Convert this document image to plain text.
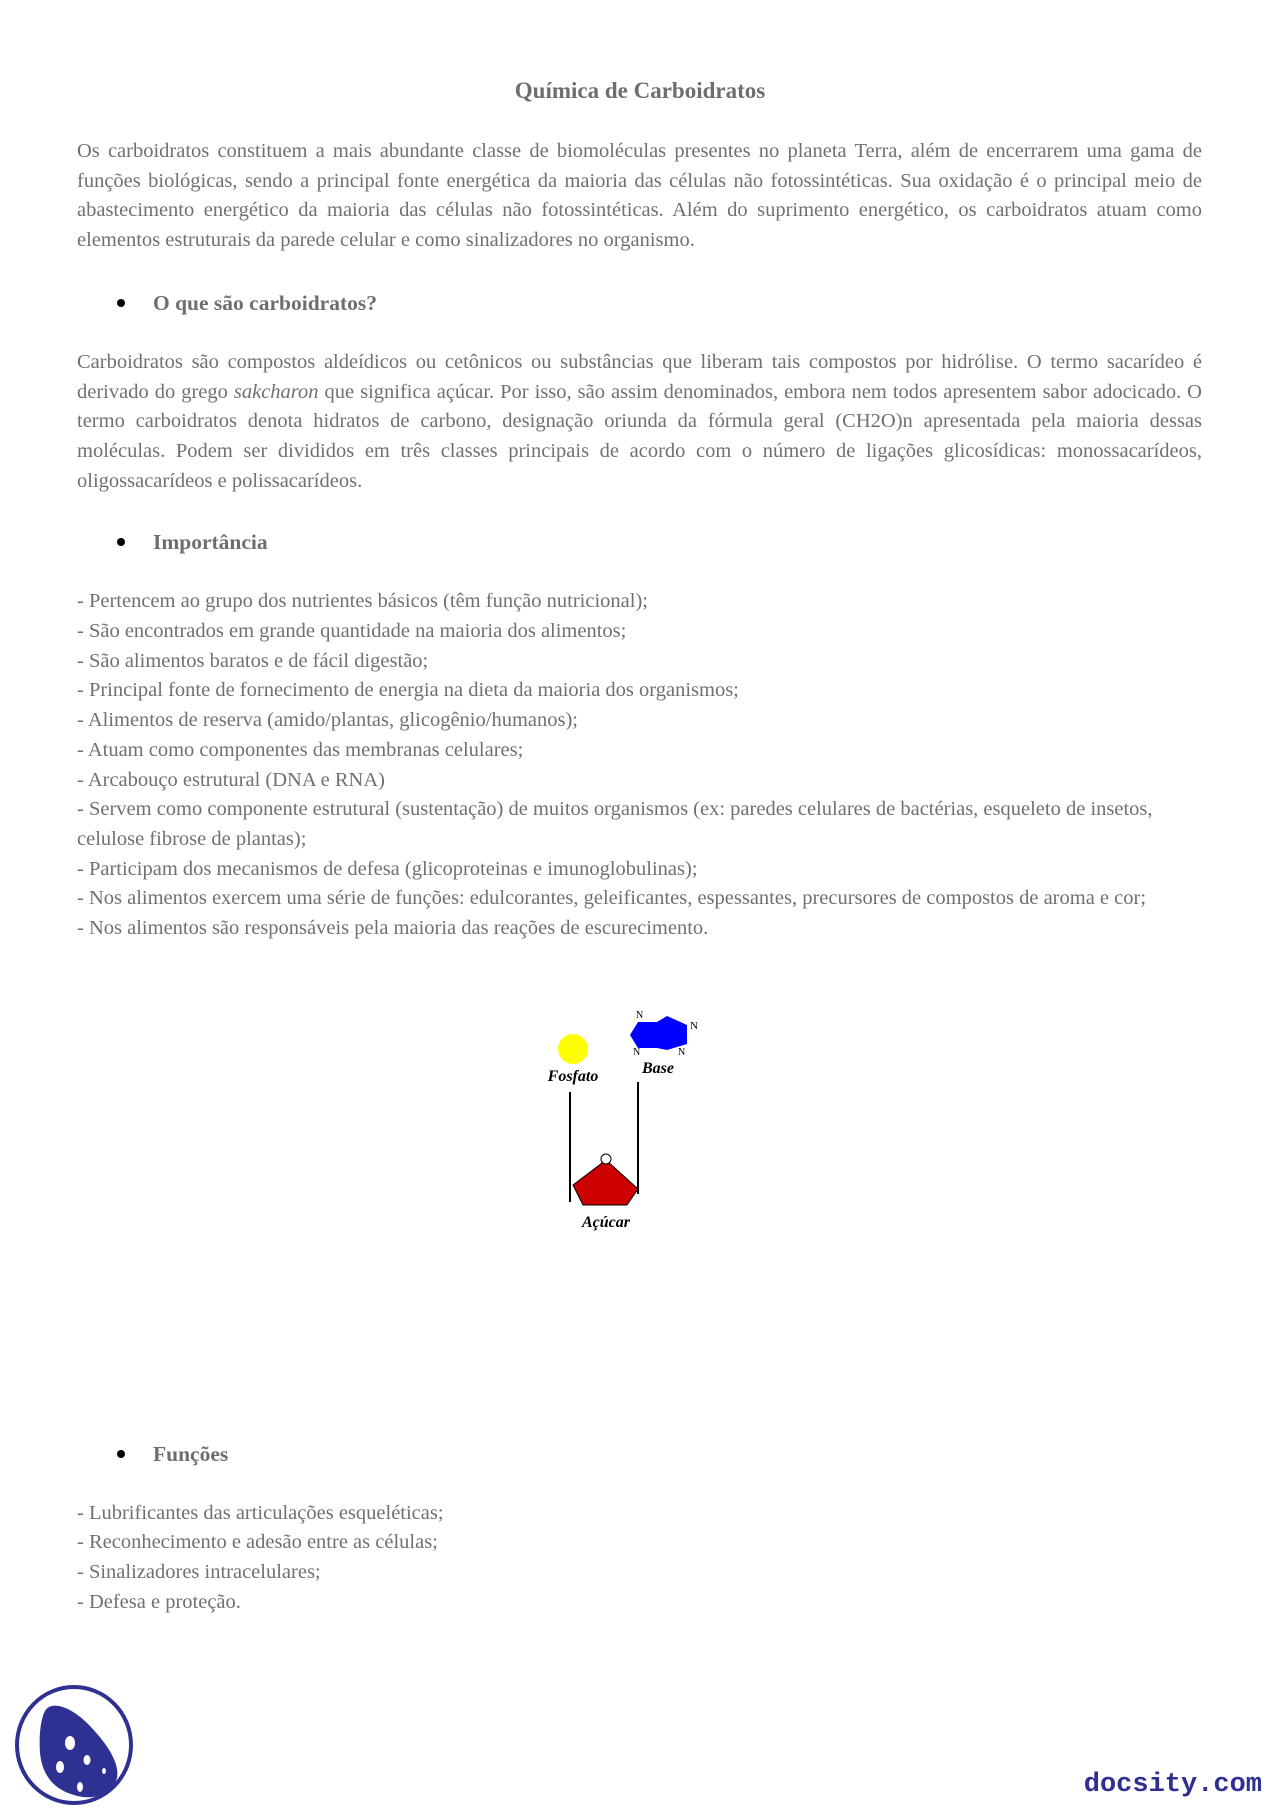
Química de Carboidratos
Os carboidratos constituem a mais abundante classe de biomoléculas presentes no planeta Terra, além de encerrarem uma gama de funções biológicas, sendo a principal fonte energética da maioria das células não fotossintéticas. Sua oxidação é o principal meio de abastecimento energético da maioria das células não fotossintéticas. Além do suprimento energético, os carboidratos atuam como elementos estruturais da parede celular e como sinalizadores no organismo.
O que são carboidratos?
Carboidratos são compostos aldeídicos ou cetônicos ou substâncias que liberam tais compostos por hidrólise. O termo sacarídeo é derivado do grego sakcharon que significa açúcar. Por isso, são assim denominados, embora nem todos apresentem sabor adocicado. O termo carboidratos denota hidratos de carbono, designação oriunda da fórmula geral (CH2O)n apresentada pela maioria dessas moléculas. Podem ser divididos em três classes principais de acordo com o número de ligações glicosídicas: monossacarídeos, oligossacarídeos e polissacarídeos.
Importância
- Pertencem ao grupo dos nutrientes básicos (têm função nutricional);
- São encontrados em grande quantidade na maioria dos alimentos;
- São alimentos baratos e de fácil digestão;
- Principal fonte de fornecimento de energia na dieta da maioria dos organismos;
- Alimentos de reserva (amido/plantas, glicogênio/humanos);
- Atuam como componentes das membranas celulares;
- Arcabouço estrutural (DNA e RNA)
- Servem como componente estrutural (sustentação) de muitos organismos (ex: paredes celulares de bactérias, esqueleto de insetos, celulose fibrose de plantas);
- Participam dos mecanismos de defesa (glicoproteinas e imunoglobulinas);
- Nos alimentos exercem uma série de funções: edulcorantes, geleificantes, espessantes, precursores de compostos de aroma e cor;
- Nos alimentos são responsáveis pela maioria das reações de escurecimento.
Fosfato
N
N
N	N
Base
Açúcar
Funções
- Lubrificantes das articulações esqueléticas;
- Reconhecimento e adesão entre as células;
- Sinalizadores intracelulares;
- Defesa e proteção.
docsity.com
